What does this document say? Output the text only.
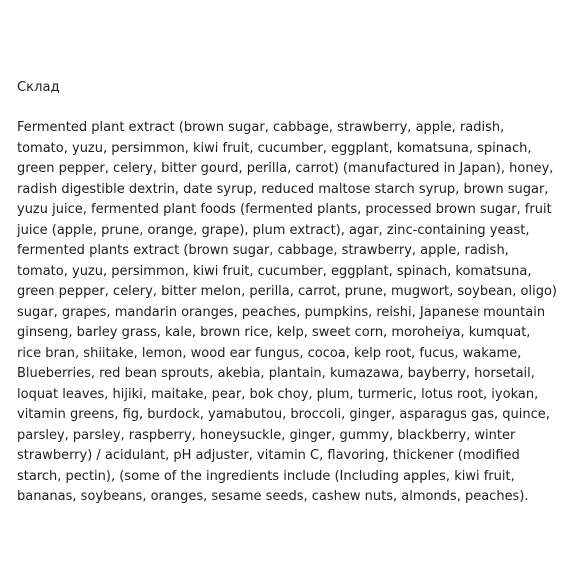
Склад

Fermented plant extract (brown sugar, cabbage, strawberry, apple, radish, tomato, yuzu, persimmon, kiwi fruit, cucumber, eggplant, komatsuna, spinach, green pepper, celery, bitter gourd, perilla, carrot) (manufactured in Japan), honey, radish digestible dextrin, date syrup, reduced maltose starch syrup, brown sugar, yuzu juice, fermented plant foods (fermented plants, processed brown sugar, fruit juice (apple, prune, orange, grape), plum extract), agar, zinc-containing yeast, fermented plants extract (brown sugar, cabbage, strawberry, apple, radish, tomato, yuzu, persimmon, kiwi fruit, cucumber, eggplant, spinach, komatsuna, green pepper, celery, bitter melon, perilla, carrot, prune, mugwort, soybean, oligo) sugar, grapes, mandarin oranges, peaches, pumpkins, reishi, Japanese mountain ginseng, barley grass, kale, brown rice, kelp, sweet corn, moroheiya, kumquat, rice bran, shiitake, lemon, wood ear fungus, cocoa, kelp root, fucus, wakame, Blueberries, red bean sprouts, akebia, plantain, kumazawa, bayberry, horsetail, loquat leaves, hijiki, maitake, pear, bok choy, plum, turmeric, lotus root, iyokan, vitamin greens, fig, burdock, yamabutou, broccoli, ginger, asparagus gas, quince, parsley, parsley, raspberry, honeysuckle, ginger, gummy, blackberry, winter strawberry) / acidulant, pH adjuster, vitamin C, flavoring, thickener (modified starch, pectin), (some of the ingredients include (Including apples, kiwi fruit, bananas, soybeans, oranges, sesame seeds, cashew nuts, almonds, peaches).
